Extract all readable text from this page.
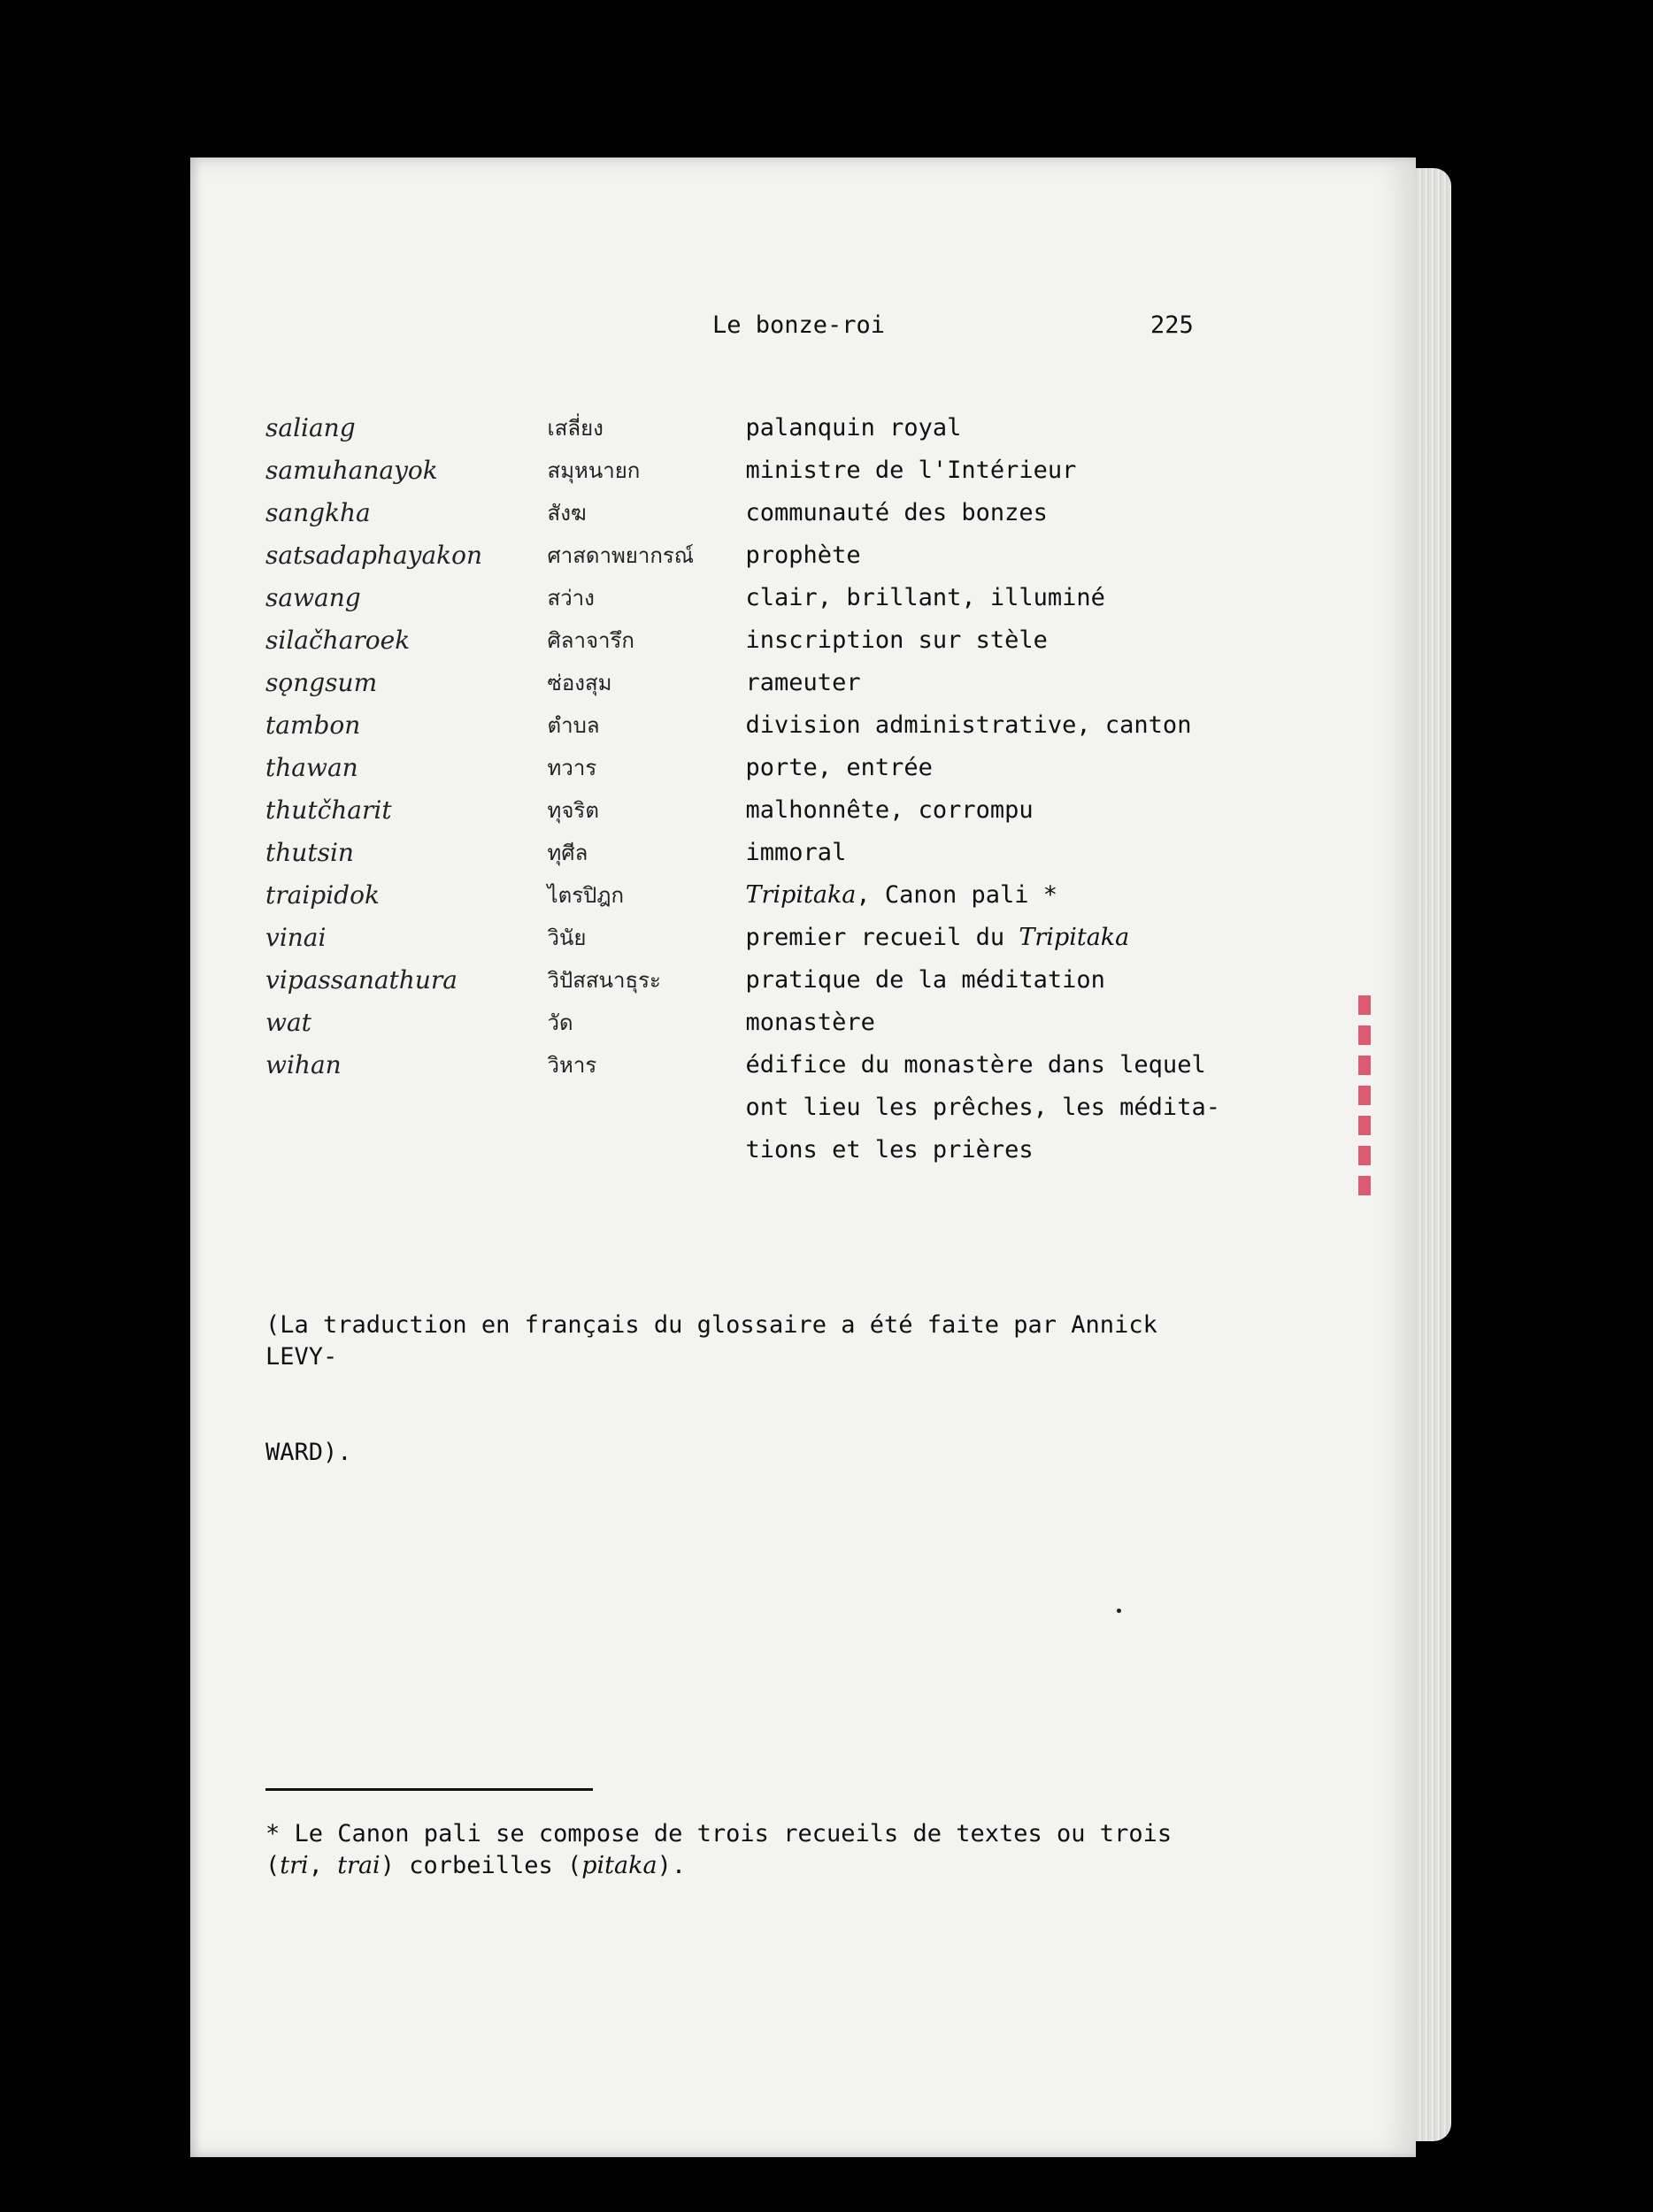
Le bonze-roi	225
saliang	เสลี่ยง	palanquin royal
samuhanayok	สมุหนายก	ministre de l'Intérieur
sangkha	สังฆ	communauté des bonzes
satsadaphayakon	ศาสดาพยากรณ์	prophète
sawang	สว่าง	clair, brillant, illuminé
silačharoek	ศิลาจารึก	inscription sur stèle
sǫngsum	ซ่องสุม	rameuter
tambon	ตำบล	division administrative, canton
thawan	ทวาร	porte, entrée
thutčharit	ทุจริต	malhonnête, corrompu
thutsin	ทุศีล	immoral
traipidok	ไตรปิฎก	Tripitaka, Canon pali *
vinai	วินัย	premier recueil du Tripitaka
vipassanathura	วิปัสสนาธุระ	pratique de la méditation
wat	วัด	monastère
wihan	วิหาร	édifice du monastère dans lequel
ont lieu les prêches, les médita-
tions et les prières

(La traduction en français du glossaire a été faite par Annick LEVY-

WARD).

* Le Canon pali se compose de trois recueils de textes ou trois
(tri, trai) corbeilles (pitaka).
